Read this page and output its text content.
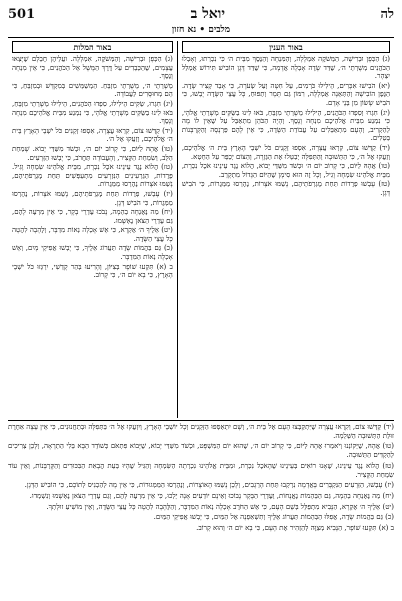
501	יואל ב	לה
מלבים • נא חזון
באור המלות

(ג) הַכְּפָן וּבְרִישָׁה, וְהַמְּשֹׁקֶה, אִמְלָלָה. ועֲלֵיהֶן חֶבְלָם שֶׁיָּצְאוּ עֲצָמִים, שֶׁהַכְּבֵדִים עַל דֶּרֶךְ הַמָּשָׁל אֵל הַכֹּהֲנִים, כִּי אֵין מִנְחָה וָנֶסֶךְ.

מְשָׁרְתֵי ה׳, מְשָׁרְתֵי מִזְבֵּחַ. הַמְשַׁמְּשִׁים בְּמִקְדָּשׁ וּבְמִזְבֵּחַ, כִּי הֵם מְחוּסָּרִים לַעֲבוֹדָה.

(יג) חִגְרוּ, שַׂקִּים הֵילִילוּ, סִפְדוּ הַכֹּהֲנִים, הֵילִילוּ מְשָׁרְתֵי מִזְבֵּחַ, בֹּאוּ לִינוּ בַשַּׂקִּים מְשָׁרְתֵי אֱלֹהָי, כִּי נִמְנַע מִבֵּית אֱלֹהֵיכֶם מִנְחָה וָנָסֶךְ.

(יד) קַדְּשׁוּ צוֹם, קִרְאוּ עֲצָרָה, אִסְפוּ זְקֵנִים כֹּל יֹשְׁבֵי הָאָרֶץ בֵּית ה׳ אֱלֹהֵיכֶם, וְזַעֲקוּ אֶל ה׳.

(טו) אֲהָהּ לַיּוֹם, כִּי קָרוֹב יוֹם ה׳, וּכְשֹׁד מִשַּׁדַּי יָבוֹא. שָׁמַחַת הַלֵּב, וְשִׂמְחַת הַקְּצִיר, וְהָעֲבוֹדָה תַּחֲרֹב, כִּי יָבְשׁוּ הַזְּרָעִים.

(טז) הֲלוֹא נֶגֶד עֵינֵינוּ אֹכֶל נִכְרָת, מִבֵּית אֱלֹהֵינוּ שִׂמְחָה וָגִיל. פְּרֻדוֹת, הַגַּרְעִינִים הַנִּזְרָעִים מִתְעַפְּשִׁים תַּחַת מֶגְרְפֹתֵיהֶם, נָשַׁמּוּ אֹצָרוֹת נֶהֶרְסוּ מַמְּגֻרוֹת.

(יז) עָבְשׁוּ, פְרֻדוֹת תַּחַת מֶגְרְפֹתֵיהֶם, נָשַׁמּוּ אֹצָרוֹת, נֶהֶרְסוּ מַמְּגֻרוֹת, כִּי הֹבִישׁ דָּגָן.

(יח) מַה נֶּאֶנְחָה בְהֵמָה, נָבֹכוּ עֶדְרֵי בָקָר, כִּי אֵין מִרְעֶה לָהֶם, גַּם עֶדְרֵי הַצֹּאן נֶאְשָׁמוּ.

(יט) אֵלֶיךָ ה׳ אֶקְרָא, כִּי אֵשׁ אָכְלָה נְאוֹת מִדְבָּר, וְלֶהָבָה לִהֲטָה כָּל עֲצֵי הַשָּׂדֶה.

(כ) גַּם בַּהֲמוֹת שָׂדֶה תַּעֲרוֹג אֵלֶיךָ, כִּי יָבְשׁוּ אֲפִיקֵי מָיִם, וְאֵשׁ אָכְלָה נְאוֹת הַמִּדְבָּר.

ב (א) תִּקְעוּ שׁוֹפָר בְּצִיּוֹן, וְהָרִיעוּ בְּהַר קָדְשִׁי, יִרְגְּזוּ כֹּל יֹשְׁבֵי הָאָרֶץ, כִּי בָא יוֹם ה׳, כִּי קָרוֹב.

באור הענין

(ג) הַכְּפָן וּבְרִישָׁה, הַמְּשֹׁקֶה אִמְלָלָה, וְהַמִּנְחָה וְהַנֶּסֶךְ מִבֵּית ה׳ כִּי נִכְרְתוּ, וְאָבְלוּ הַכֹּהֲנִים מְשָׁרְתֵי ה׳, שֻׁדַּד שָׂדֶה אָבְלָה אֲדָמָה, כִּי שֻׁדַּד דָּגָן הוֹבִישׁ תִּירוֹשׁ אֻמְלַל יִצְהָר.

(יא) הֹבִישׁוּ אִכָּרִים, הֵילִילוּ כֹּרְמִים, עַל חִטָּה וְעַל שְׂעֹרָה, כִּי אָבַד קְצִיר שָׂדֶה. הַגֶּפֶן הוֹבִישָׁה וְהַתְּאֵנָה אֻמְלָלָה, רִמּוֹן גַּם תָּמָר וְתַפּוּחַ, כָּל עֲצֵי הַשָּׂדֶה יָבֵשׁוּ, כִּי הֹבִישׁ שָׂשׂוֹן מִן בְּנֵי אָדָם.

(יג) חִגְרוּ וְסִפְדוּ הַכֹּהֲנִים, הֵילִילוּ מְשָׁרְתֵי מִזְבֵּחַ, בֹּאוּ לִינוּ בַשַּׂקִּים מְשָׁרְתֵי אֱלֹהָי, כִּי נִמְנַע מִבֵּית אֱלֹהֵיכֶם מִנְחָה וָנָסֶךְ. וְהָיָה הַכֹּהֵן מִתְאַבֵּל עַל שֶׁאֵין לוֹ מָה לְהַקְרִיב, וְהָעָם מִתְאַבְּלִים עַל עֲבוֹדַת הַשָּׂדֶה, כִּי אֵין לָהֶם פַּרְנָסָה וְהַקָּרְבָּנוֹת בְּטֵלִים.

(יד) קַדְּשׁוּ צוֹם, קִרְאוּ עֲצָרָה, אִסְפוּ זְקֵנִים כֹּל יֹשְׁבֵי הָאָרֶץ בֵּית ה׳ אֱלֹהֵיכֶם, וְזַעֲקוּ אֶל ה׳, כִּי הַתְּשׁוּבָה וְהַתְּפִלָּה יְבַטְּלוּ אֶת הַגְּזֵרָה, וְהַצּוֹם יְכַפֵּר עַל הַחֵטְא.

(טו) אֲהָהּ לַיּוֹם, כִּי קָרוֹב יוֹם ה׳ וּכְשֹׁד מִשַּׁדַּי יָבוֹא, הֲלוֹא נֶגֶד עֵינֵינוּ אֹכֶל נִכְרָת, מִבֵּית אֱלֹהֵינוּ שִׂמְחָה וָגִיל, וְכָל זֶה הוּא סִימָן שֶׁהַיּוֹם הַגָּדוֹל מִתְקָרֵב.

(טז) עָבְשׁוּ פְרֻדוֹת תַּחַת מֶגְרְפֹתֵיהֶם, נָשַׁמּוּ אֹצָרוֹת, נֶהֶרְסוּ מַמְּגֻרוֹת, כִּי הֹבִישׁ דָּגָן.

(יד) קַדְּשׁוּ צוֹם, וְקִרְאוּ עֲצָרָה שֶׁיִּתְקַבְּצוּ הָעָם אֶל בֵּית ה׳, וְשָׁם יִתְאַסְּפוּ הַזְּקֵנִים וְכָל יוֹשְׁבֵי הָאָרֶץ, וְיִזְעֲקוּ אֶל ה׳ בַּתְּפִלָּה וּבְתַחֲנוּנִים, כִּי אֵין עֵצָה אַחֶרֶת זוּלַת הַתְּשׁוּבָה הַשְּׁלֵמָה.

(טו) אֲהָהּ, שֶׁיְּקוֹנְנוּ וְיֹאמְרוּ אֲהָהּ לַיּוֹם, כִּי קָרוֹב יוֹם ה׳, שֶׁהוּא יוֹם הַמִּשְׁפָּט, וּכְשֹׁד מִשַּׁדַּי יָבוֹא, שֶׁיָּבוֹא פִּתְאֹם כְּשׁוֹדֵד הַבָּא בְּלִי הַתְרָאָה, וְלָכֵן צְרִיכִים לְהַקְדִּים הַתְּשׁוּבָה.

(טז) הֲלוֹא נֶגֶד עֵינֵינוּ, שֶׁאָנוּ רוֹאִים בְּעֵינֵינוּ שֶׁהָאֹכֶל נִכְרָת, וּמִבֵּית אֱלֹהֵינוּ נִכְרְתָה הַשִּׂמְחָה וְהַגִּיל שֶׁהָיוּ בְּעֵת הֲבָאַת הַבִּכּוּרִים וְהַקָּרְבָּנוֹת, וְאֵין עוֹד שִׂמְחַת הַקָּצִיר.

(יז) עָבְשׁוּ, הַזְּרָעִים הַנִּקְבָּרִים בָּאֲדָמָה נִרְקְבוּ תַּחַת הָרְגָבִים, וְלָכֵן נָשַׁמּוּ הָאוֹצָרוֹת, וְנֶהֶרְסוּ הַמַּמְּגוּרוֹת, כִּי אֵין מָה לְהַכְנִיס לְתוֹכָם, כִּי הוֹבִישׁ הַדָּגָן.

(יח) מַה נֶּאֶנְחָה בְהֵמָה, גַּם הַבְּהֵמוֹת נֶאֱנָחוֹת, וְעֶדְרֵי הַבָּקָר נָבוֹכוּ וְאֵינָם יוֹדְעִים אָנָה יֵלְכוּ, כִּי אֵין מִרְעֶה לָהֶם, וְגַם עֶדְרֵי הַצֹּאן נֶאְשָׁמוּ וְנִשְׁמְדוּ.

(יט) אֵלֶיךָ ה׳ אֶקְרָא, הַנָּבִיא מִתְפַּלֵּל בְּשֵׁם הָעָם, כִּי אֵשׁ הַחֹרֶב אָכְלָה נְאוֹת הַמִּדְבָּר, וְהַלֶּהָבָה לִהֲטָה כָּל עֲצֵי הַשָּׂדֶה, וְאֵין מוֹשִׁיעַ זוּלָתְךָ.

(כ) גַּם בַּהֲמוֹת שָׂדֶה, אֲפִלּוּ הַבְּהֵמוֹת תַּעֲרוֹג אֵלֶיךָ וְתִשְׁאַפְנָה אֶל הַמַּיִם, כִּי יָבְשׁוּ אֲפִיקֵי הַמַּיִם.

ב (א) תִּקְעוּ שׁוֹפָר, הַנָּבִיא מְצַוֶּה לְהַזְהִיר אֶת הָעָם, כִּי בָא יוֹם ה׳ וְהוּא קָרוֹב.
